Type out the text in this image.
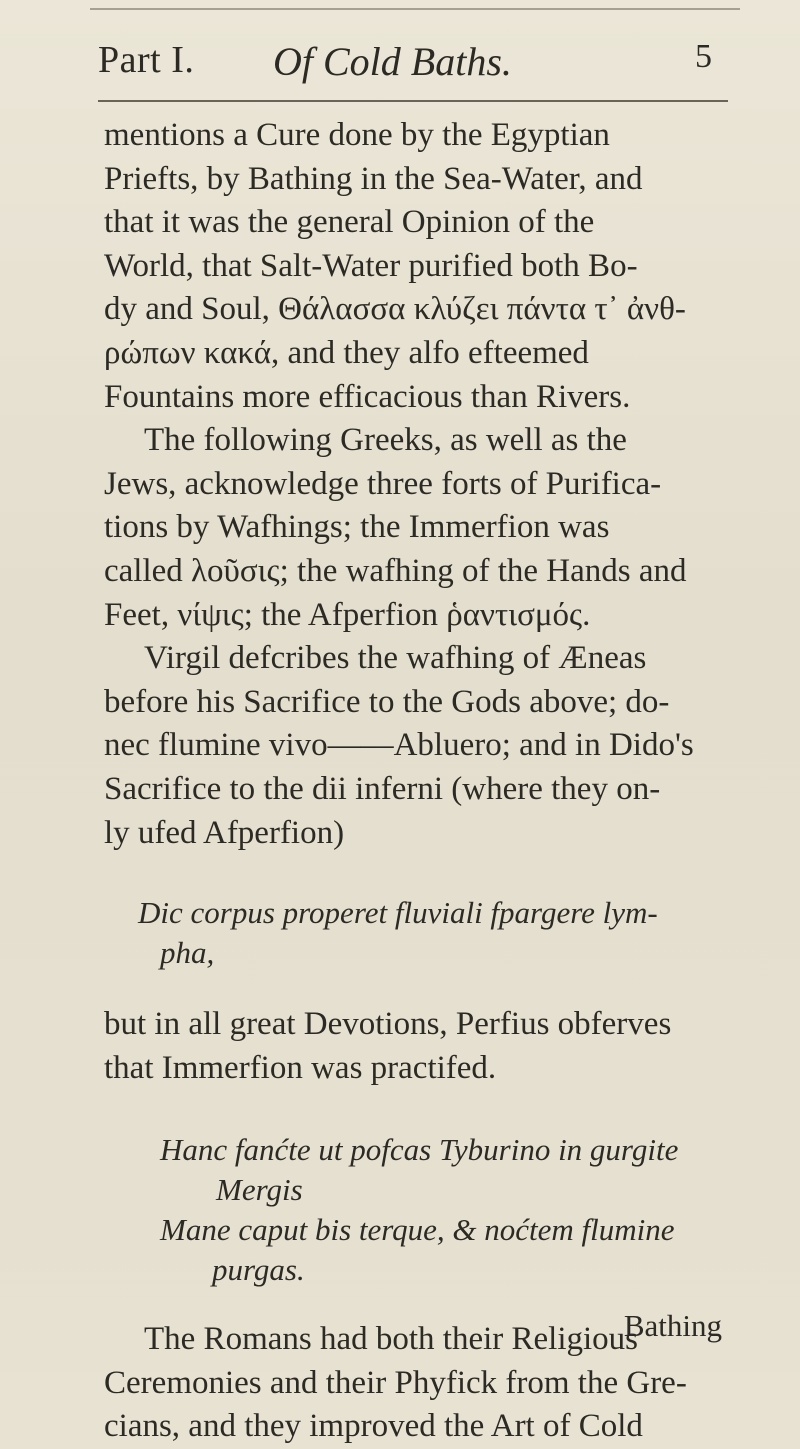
Part I. Of Cold Baths.	5
mentions a Cure done by the Egyptian
Priefts, by Bathing in the Sea-Water, and
that it was the general Opinion of the
World, that Salt-Water purified both Bo-
dy and Soul, Θάλασσα κλύζει πάντα τ᾽ ἀνθ-
ρώπων κακά, and they alfo efteemed
Fountains more efficacious than Rivers.
The following Greeks, as well as the
Jews, acknowledge three forts of Purifica-
tions by Wafhings; the Immerfion was
called λοῦσις; the wafhing of the Hands and
Feet, νίψις; the Afperfion ῥαντισμός.
Virgil defcribes the wafhing of Æneas
before his Sacrifice to the Gods above; do-
nec flumine vivo——Abluero; and in Dido's
Sacrifice to the dii inferni (where they on-
ly ufed Afperfion)
Dic corpus properet fluviali fpargere lym-
pha,
but in all great Devotions, Perfius obferves
that Immerfion was practifed.
Hanc fanćte ut pofcas Tyburino in gurgite
Mergis
Mane caput bis terque, & noćtem flumine
purgas.
The Romans had both their Religious
Ceremonies and their Phyfick from the Gre-
cians, and they improved the Art of Cold
Bathing
